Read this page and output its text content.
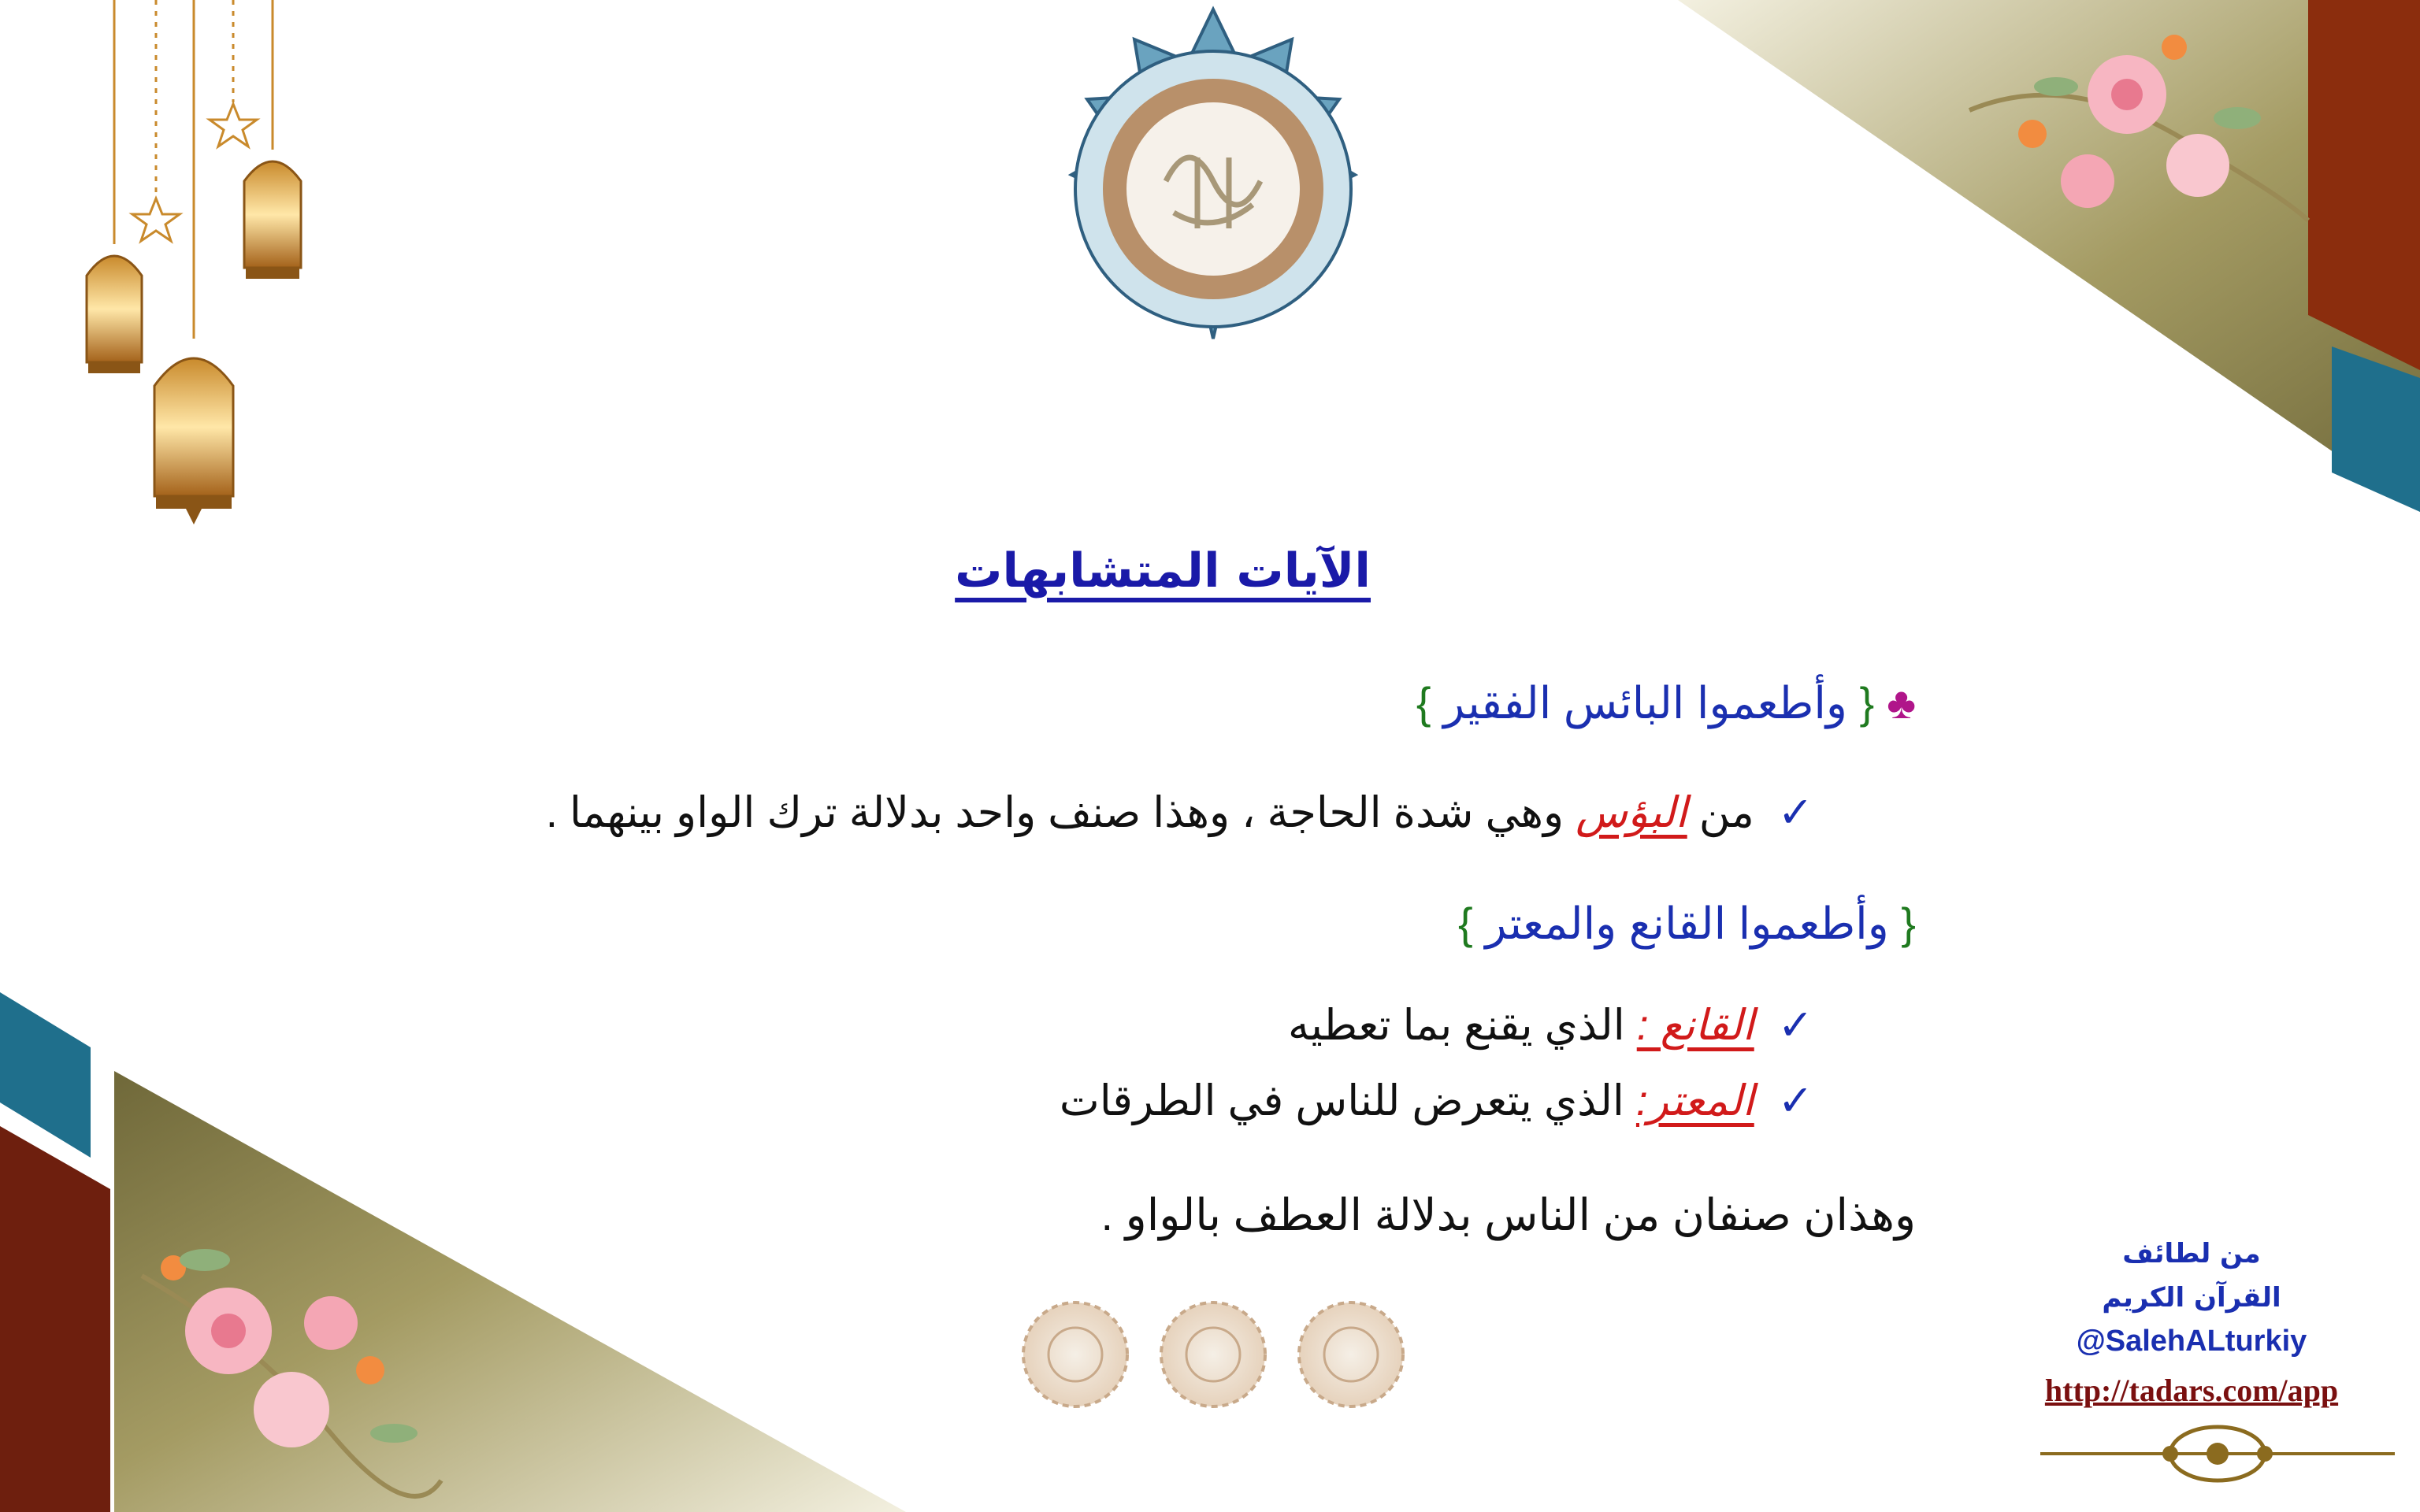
الآيات المتشابهات
♣{ وأطعموا البائس الفقير }
✓من البؤس وهي شدة الحاجة ، وهذا صنف واحد بدلالة ترك الواو بينهما .
{ وأطعموا القانع والمعتر }
✓القانع : الذي يقنع بما تعطيه
✓المعتر: الذي يتعرض للناس في الطرقات
وهذان صنفان من الناس بدلالة العطف بالواو .
من لطائف
القرآن الكريم
@SalehALturkiy
http://tadars.com/app
